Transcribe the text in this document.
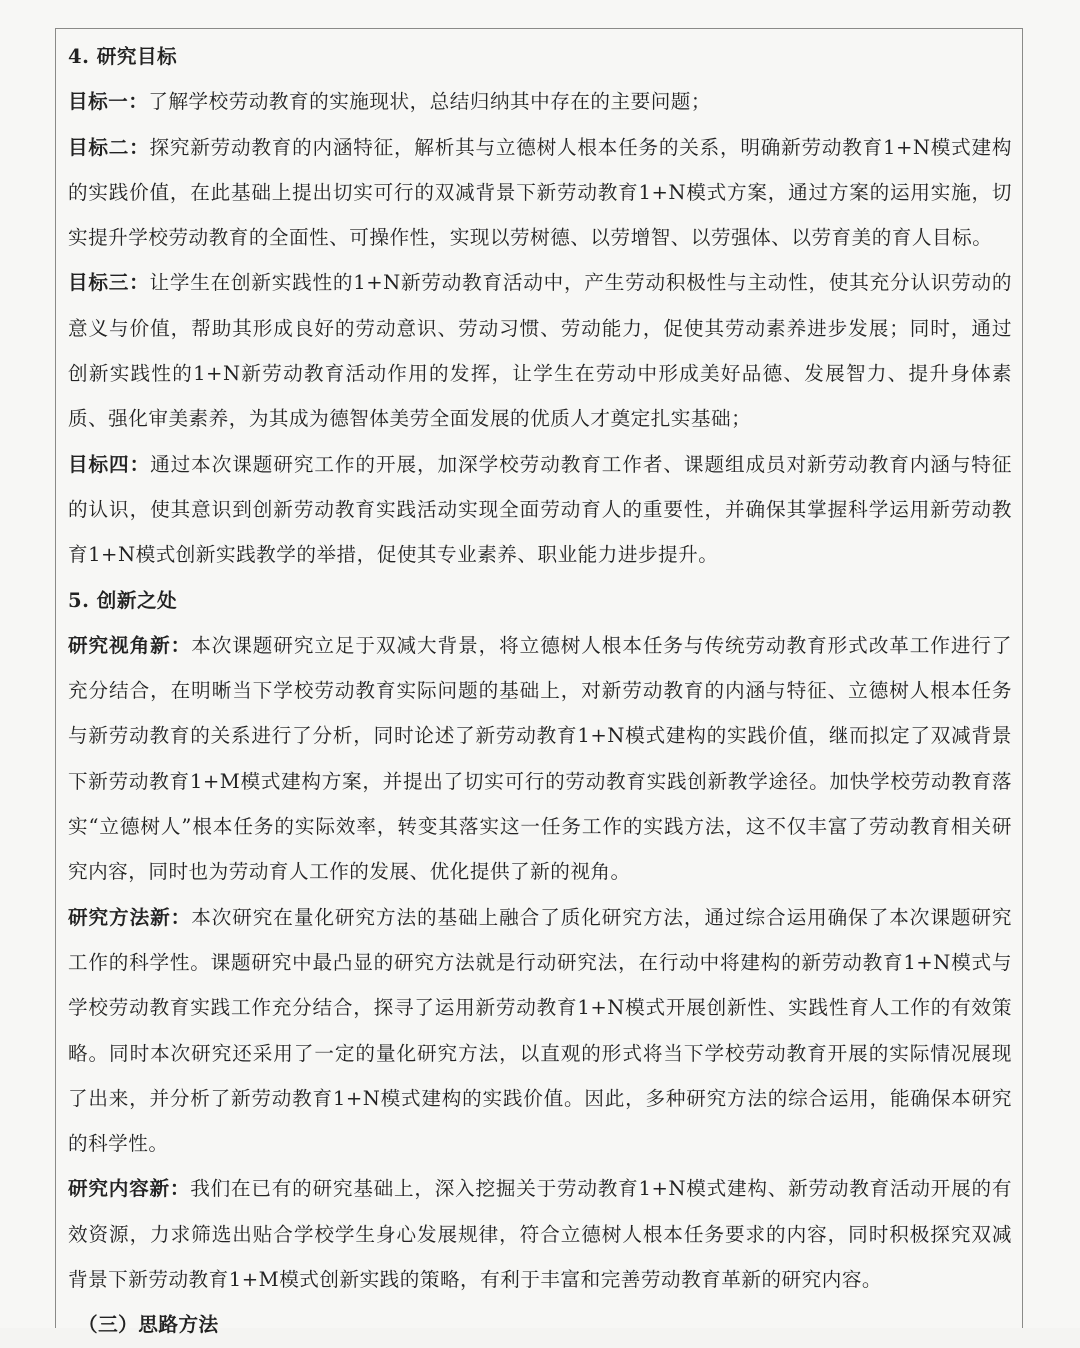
4. 研究目标

目标一：了解学校劳动教育的实施现状，总结归纳其中存在的主要问题；

目标二：探究新劳动教育的内涵特征，解析其与立德树人根本任务的关系，明确新劳动教育1+N模式建构的实践价值，在此基础上提出切实可行的双减背景下新劳动教育1+N模式方案，通过方案的运用实施，切实提升学校劳动教育的全面性、可操作性，实现以劳树德、以劳增智、以劳强体、以劳育美的育人目标。

目标三：让学生在创新实践性的1+N新劳动教育活动中，产生劳动积极性与主动性，使其充分认识劳动的意义与价值，帮助其形成良好的劳动意识、劳动习惯、劳动能力，促使其劳动素养进步发展；同时，通过创新实践性的1+N新劳动教育活动作用的发挥，让学生在劳动中形成美好品德、发展智力、提升身体素质、强化审美素养，为其成为德智体美劳全面发展的优质人才奠定扎实基础；

目标四：通过本次课题研究工作的开展，加深学校劳动教育工作者、课题组成员对新劳动教育内涵与特征的认识，使其意识到创新劳动教育实践活动实现全面劳动育人的重要性，并确保其掌握科学运用新劳动教育1+N模式创新实践教学的举措，促使其专业素养、职业能力进步提升。

5. 创新之处

研究视角新：本次课题研究立足于双减大背景，将立德树人根本任务与传统劳动教育形式改革工作进行了充分结合，在明晰当下学校劳动教育实际问题的基础上，对新劳动教育的内涵与特征、立德树人根本任务与新劳动教育的关系进行了分析，同时论述了新劳动教育1+N模式建构的实践价值，继而拟定了双减背景下新劳动教育1+M模式建构方案，并提出了切实可行的劳动教育实践创新教学途径。加快学校劳动教育落实“立德树人”根本任务的实际效率，转变其落实这一任务工作的实践方法，这不仅丰富了劳动教育相关研究内容，同时也为劳动育人工作的发展、优化提供了新的视角。

研究方法新：本次研究在量化研究方法的基础上融合了质化研究方法，通过综合运用确保了本次课题研究工作的科学性。课题研究中最凸显的研究方法就是行动研究法，在行动中将建构的新劳动教育1+N模式与学校劳动教育实践工作充分结合，探寻了运用新劳动教育1+N模式开展创新性、实践性育人工作的有效策略。同时本次研究还采用了一定的量化研究方法，以直观的形式将当下学校劳动教育开展的实际情况展现了出来，并分析了新劳动教育1+N模式建构的实践价值。因此，多种研究方法的综合运用，能确保本研究的科学性。

研究内容新：我们在已有的研究基础上，深入挖掘关于劳动教育1+N模式建构、新劳动教育活动开展的有效资源，力求筛选出贴合学校学生身心发展规律，符合立德树人根本任务要求的内容，同时积极探究双减背景下新劳动教育1+M模式创新实践的策略，有利于丰富和完善劳动教育革新的研究内容。

（三）思路方法
